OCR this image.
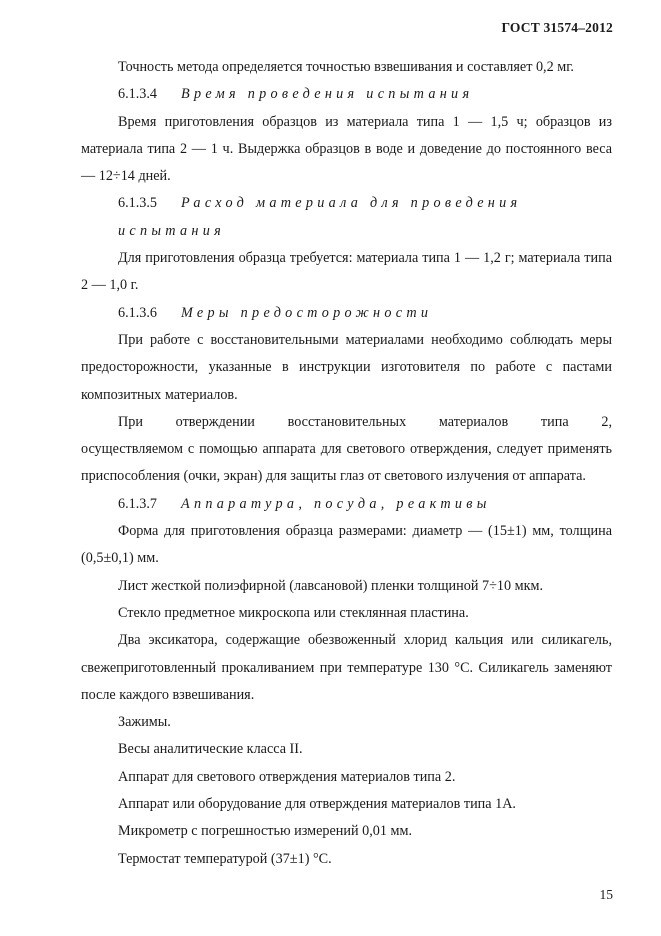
ГОСТ 31574–2012

Точность метода определяется точностью взвешивания и составляет 0,2 мг.

6.1.3.4 Время проведения испытания

Время приготовления образцов из материала типа 1 — 1,5 ч; образцов из материала типа 2 — 1 ч. Выдержка образцов в воде и доведение до постоянного веса — 12÷14 дней.

6.1.3.5 Расход материала для проведения испытания

Для приготовления образца требуется: материала типа 1 — 1,2 г; материала типа 2 — 1,0 г.

6.1.3.6 Меры предосторожности

При работе с восстановительными материалами необходимо соблюдать меры предосторожности, указанные в инструкции изготовителя по работе с пастами композитных материалов.

При отверждении восстановительных материалов типа 2,

осуществляемом с помощью аппарата для светового отверждения, следует применять приспособления (очки, экран) для защиты глаз от светового излучения от аппарата.

6.1.3.7 Аппаратура, посуда, реактивы

Форма для приготовления образца размерами: диаметр — (15±1) мм, толщина (0,5±0,1) мм.

Лист жесткой полиэфирной (лавсановой) пленки толщиной 7÷10 мкм.

Стекло предметное микроскопа или стеклянная пластина.

Два эксикатора, содержащие обезвоженный хлорид кальция или силикагель, свежеприготовленный прокаливанием при температуре 130 °С. Силикагель заменяют после каждого взвешивания.

Зажимы.

Весы аналитические класса II.

Аппарат для светового отверждения материалов типа 2.

Аппарат или оборудование для отверждения материалов типа 1А.

Микрометр с погрешностью измерений 0,01 мм.

Термостат температурой (37±1) °С.

15
